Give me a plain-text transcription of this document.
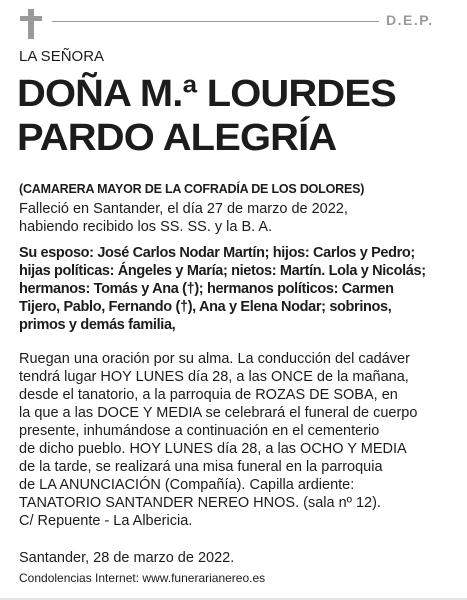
D.E.P.
LA SEÑORA
DOÑA M.ª LOURDES
PARDO ALEGRÍA
(CAMARERA MAYOR DE LA COFRADÍA DE LOS DOLORES)
Falleció en Santander, el día 27 de marzo de 2022,
habiendo recibido los SS. SS. y la B. A.
Su esposo: José Carlos Nodar Martín; hijos: Carlos y Pedro;
hijas políticas: Ángeles y María; nietos: Martín. Lola y Nicolás;
hermanos: Tomás y Ana (†); hermanos políticos: Carmen
Tijero, Pablo, Fernando (†), Ana y Elena Nodar; sobrinos,
primos y demás familia,
Ruegan una oración por su alma. La conducción del cadáver
tendrá lugar HOY LUNES día 28, a las ONCE de la mañana,
desde el tanatorio, a la parroquia de ROZAS DE SOBA, en
la que a las DOCE Y MEDIA se celebrará el funeral de cuerpo
presente, inhumándose a continuación en el cementerio
de dicho pueblo. HOY LUNES día 28, a las OCHO Y MEDIA
de la tarde, se realizará una misa funeral en la parroquia
de LA ANUNCIACIÓN (Compañía). Capilla ardiente:
TANATORIO SANTANDER NEREO HNOS. (sala nº 12).
C/ Repuente - La Albericia.
Santander, 28 de marzo de 2022.
Condolencias Internet: www.funerarianereo.es
